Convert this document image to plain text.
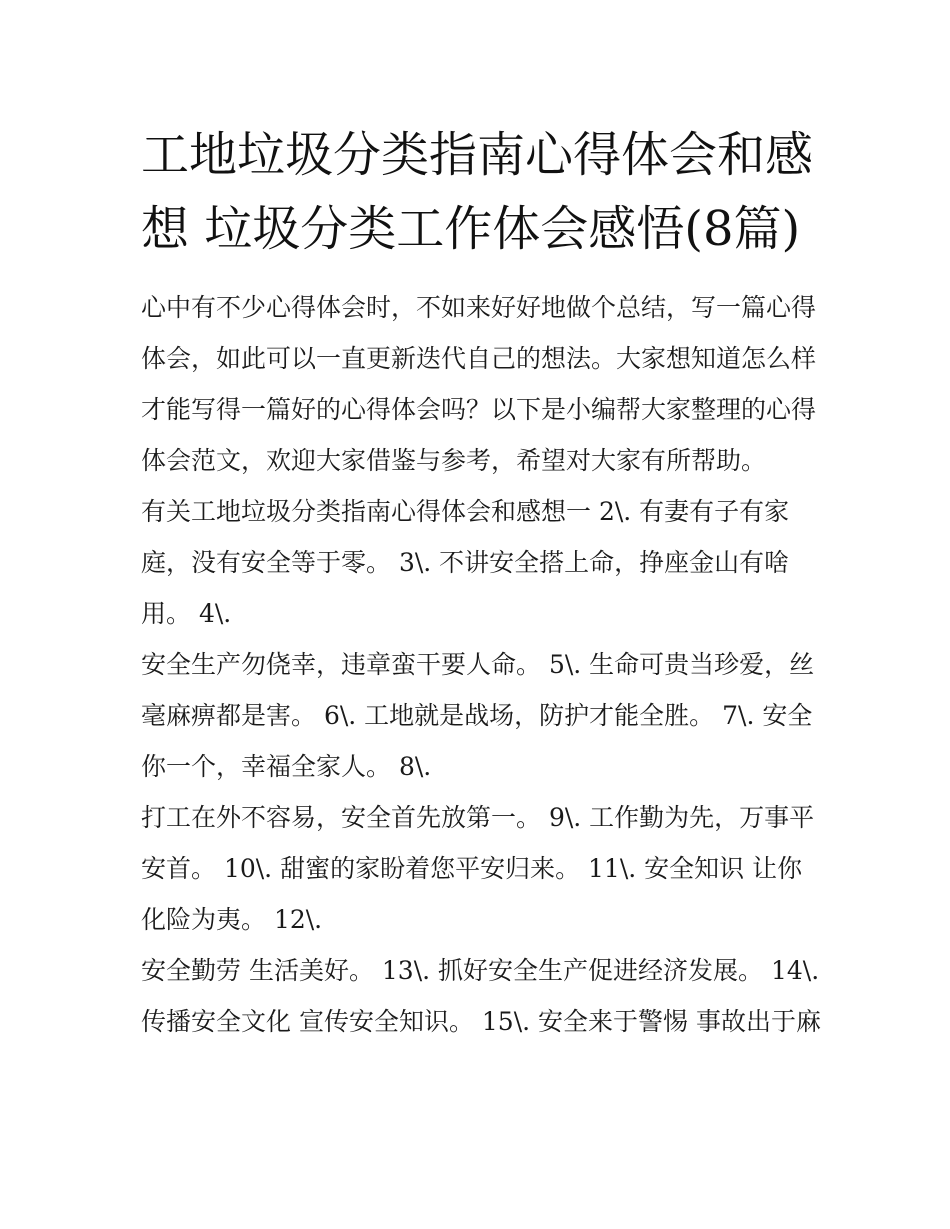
工地垃圾分类指南心得体会和感想 垃圾分类工作体会感悟(8篇)

心中有不少心得体会时，不如来好好地做个总结，写一篇心得体会，如此可以一直更新迭代自己的想法。大家想知道怎么样才能写得一篇好的心得体会吗？以下是小编帮大家整理的心得体会范文，欢迎大家借鉴与参考，希望对大家有所帮助。

有关工地垃圾分类指南心得体会和感想一 2\. 有妻有子有家庭，没有安全等于零。 3\. 不讲安全搭上命，挣座金山有啥用。 4\.

安全生产勿侥幸，违章蛮干要人命。 5\. 生命可贵当珍爱，丝毫麻痹都是害。 6\. 工地就是战场，防护才能全胜。 7\. 安全你一个，幸福全家人。 8\.

打工在外不容易，安全首先放第一。 9\. 工作勤为先，万事平安首。 10\. 甜蜜的家盼着您平安归来。 11\. 安全知识 让你化险为夷。 12\.

安全勤劳 生活美好。 13\. 抓好安全生产促进经济发展。 14\. 传播安全文化 宣传安全知识。 15\. 安全来于警惕 事故出于麻
